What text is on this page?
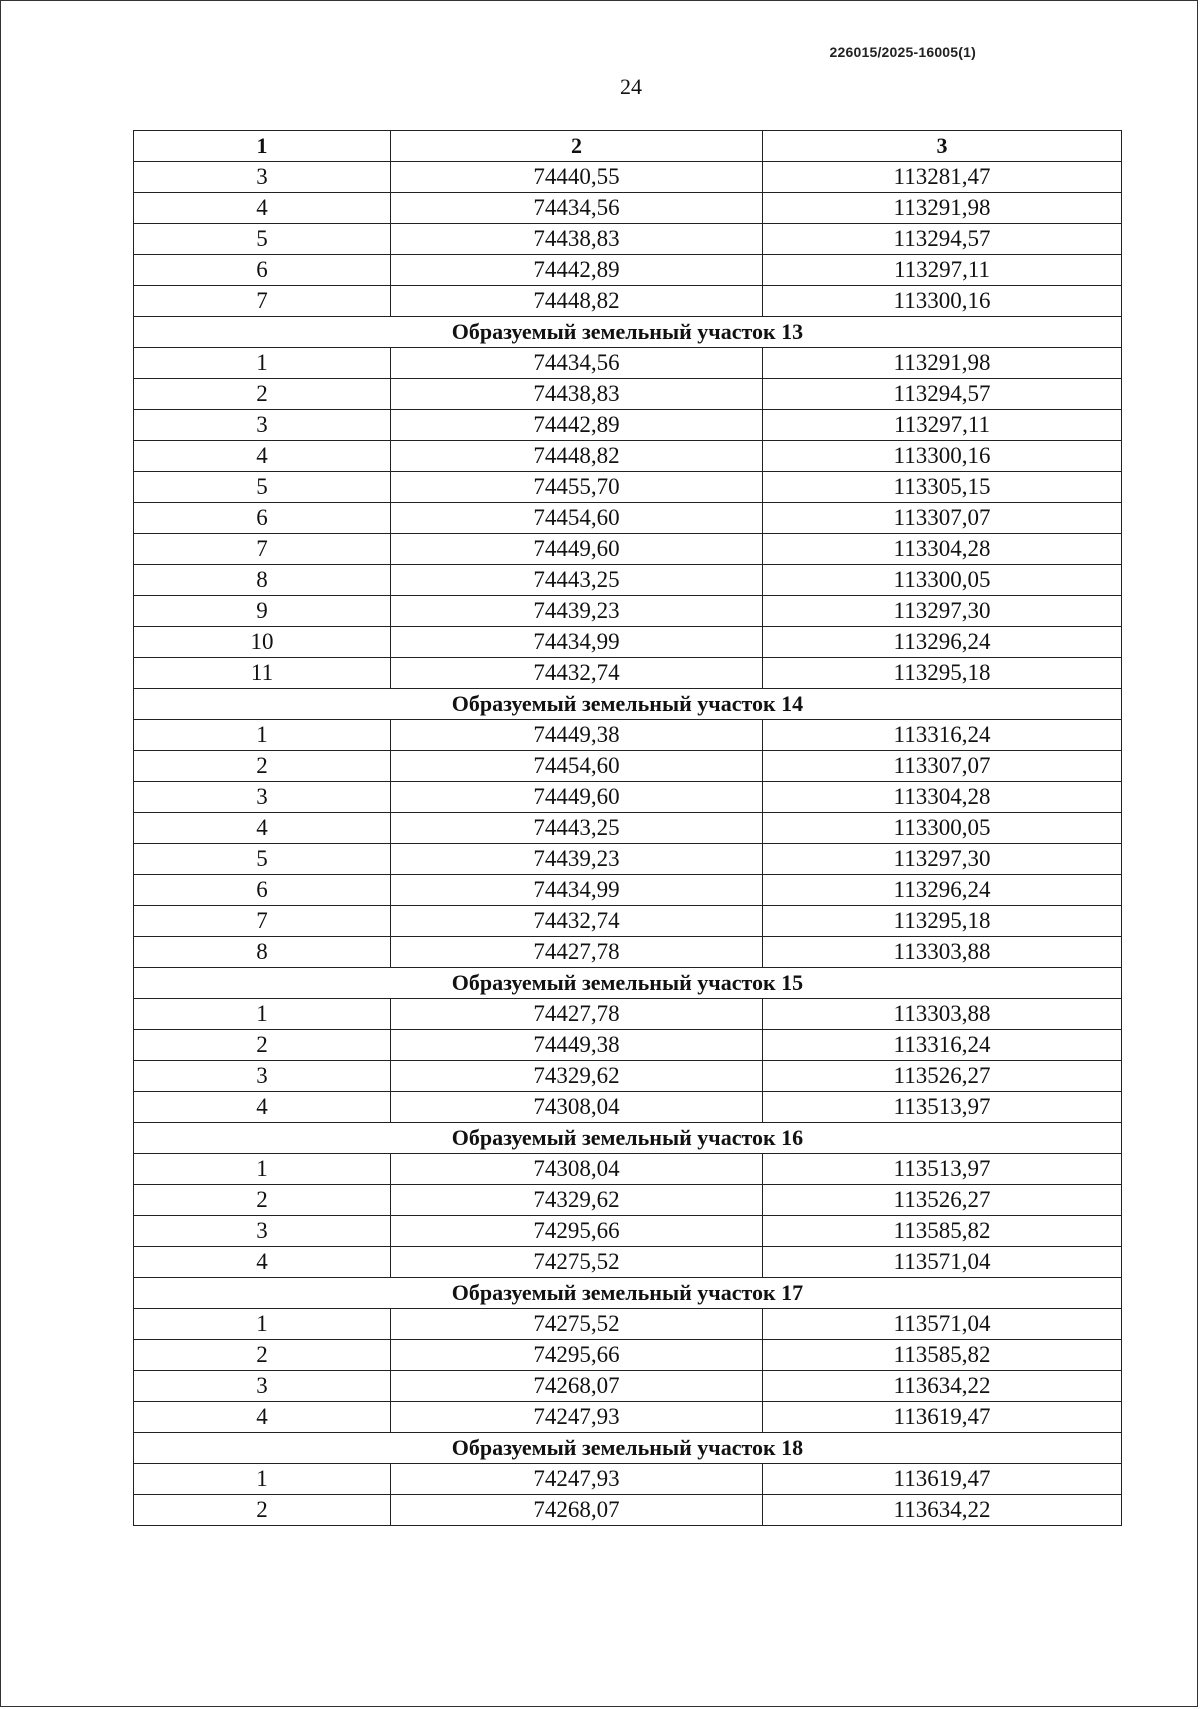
226015/2025-16005(1)
24
1	2	3
3	74440,55	113281,47
4	74434,56	113291,98
5	74438,83	113294,57
6	74442,89	113297,11
7	74448,82	113300,16
Образуемый земельный участок 13		
1	74434,56	113291,98
2	74438,83	113294,57
3	74442,89	113297,11
4	74448,82	113300,16
5	74455,70	113305,15
6	74454,60	113307,07
7	74449,60	113304,28
8	74443,25	113300,05
9	74439,23	113297,30
10	74434,99	113296,24
11	74432,74	113295,18
Образуемый земельный участок 14		
1	74449,38	113316,24
2	74454,60	113307,07
3	74449,60	113304,28
4	74443,25	113300,05
5	74439,23	113297,30
6	74434,99	113296,24
7	74432,74	113295,18
8	74427,78	113303,88
Образуемый земельный участок 15		
1	74427,78	113303,88
2	74449,38	113316,24
3	74329,62	113526,27
4	74308,04	113513,97
Образуемый земельный участок 16		
1	74308,04	113513,97
2	74329,62	113526,27
3	74295,66	113585,82
4	74275,52	113571,04
Образуемый земельный участок 17		
1	74275,52	113571,04
2	74295,66	113585,82
3	74268,07	113634,22
4	74247,93	113619,47
Образуемый земельный участок 18		
1	74247,93	113619,47
2	74268,07	113634,22
